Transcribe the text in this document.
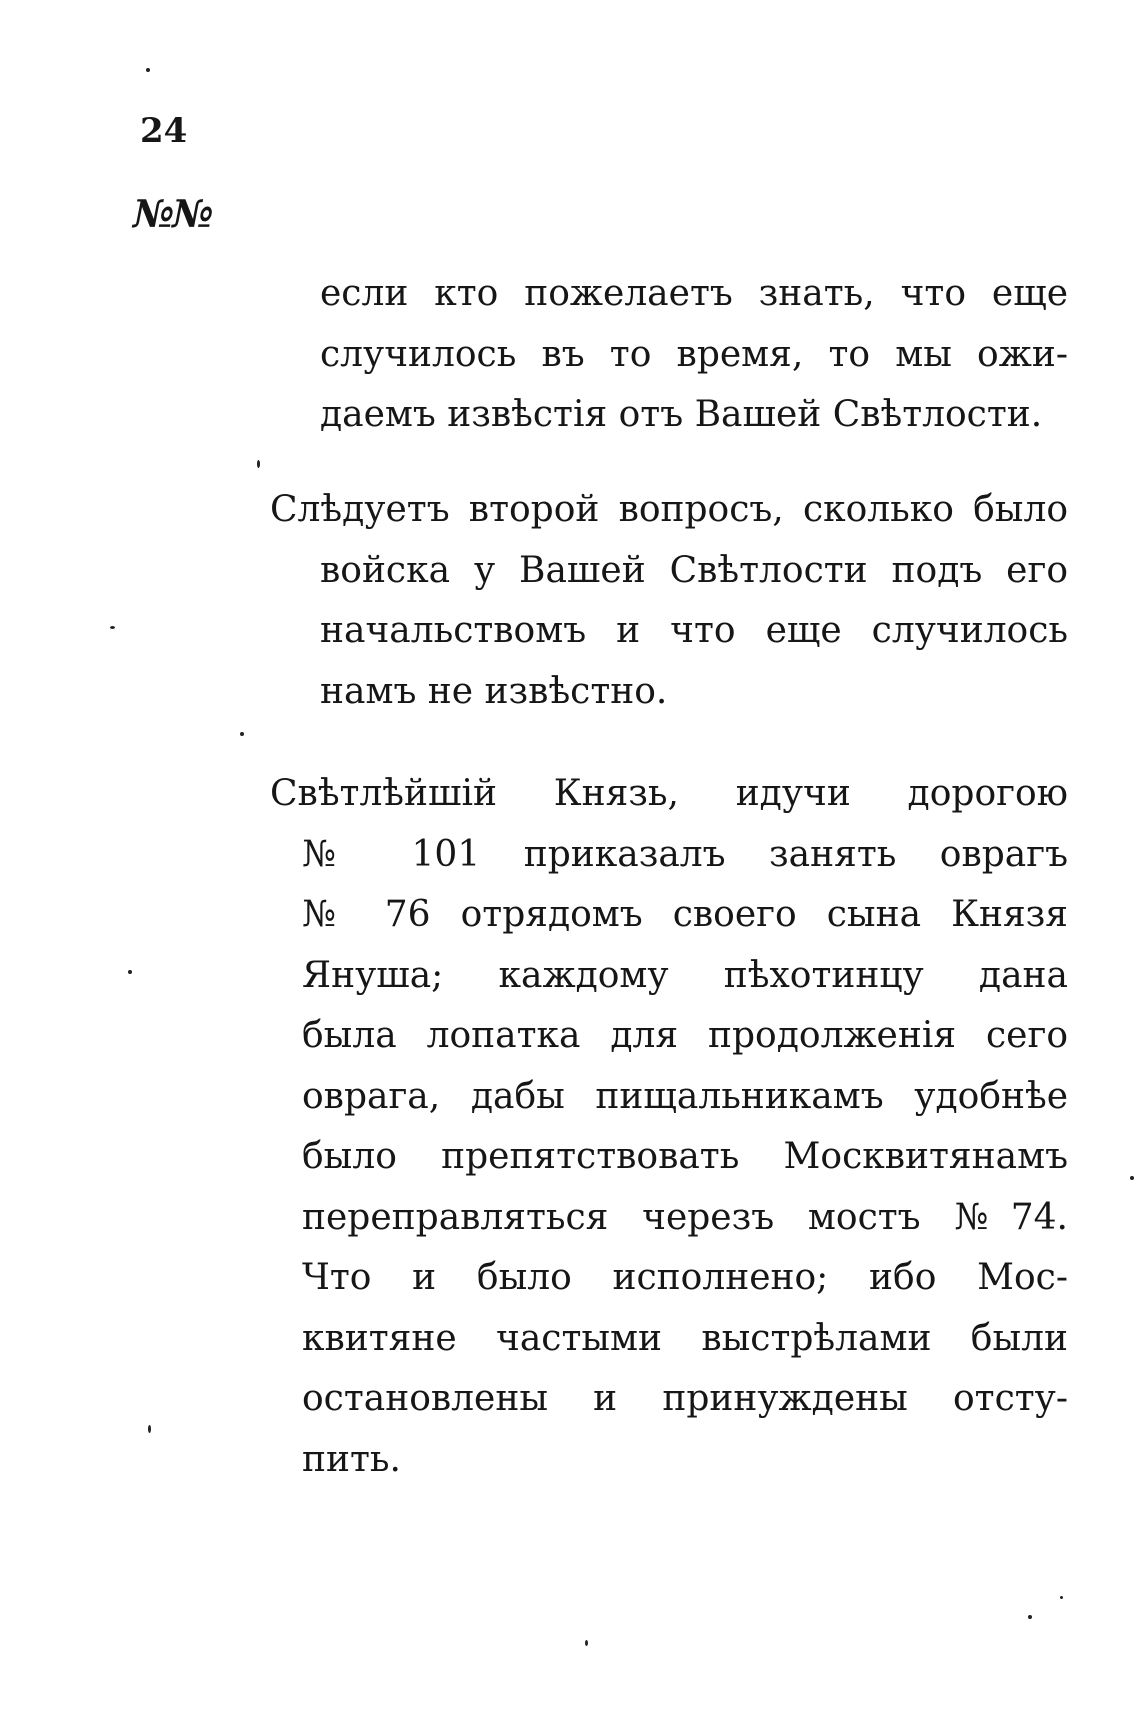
24
№№
если кто пожелаетъ знать, что еще
случилось въ то время, то мы ожи-
даемъ извѣстія отъ Вашей Свѣтлости.
Слѣдуетъ второй вопросъ, сколько было
войска у Вашей Свѣтлости подъ его
начальствомъ и что еще случилось
намъ не извѣстно.
Свѣтлѣйшій Князь, идучи дорогою
№ 101 приказалъ занять оврагъ
№ 76 отрядомъ своего сына Князя
Януша; каждому пѣхотинцу дана
была лопатка для продолженія сего
оврага, дабы пищальникамъ удобнѣе
было препятствовать Москвитянамъ
переправляться черезъ мостъ №74.
Что и было исполнено; ибо Мос-
квитяне частыми выстрѣлами были
остановлены и принуждены отсту-
пить.
